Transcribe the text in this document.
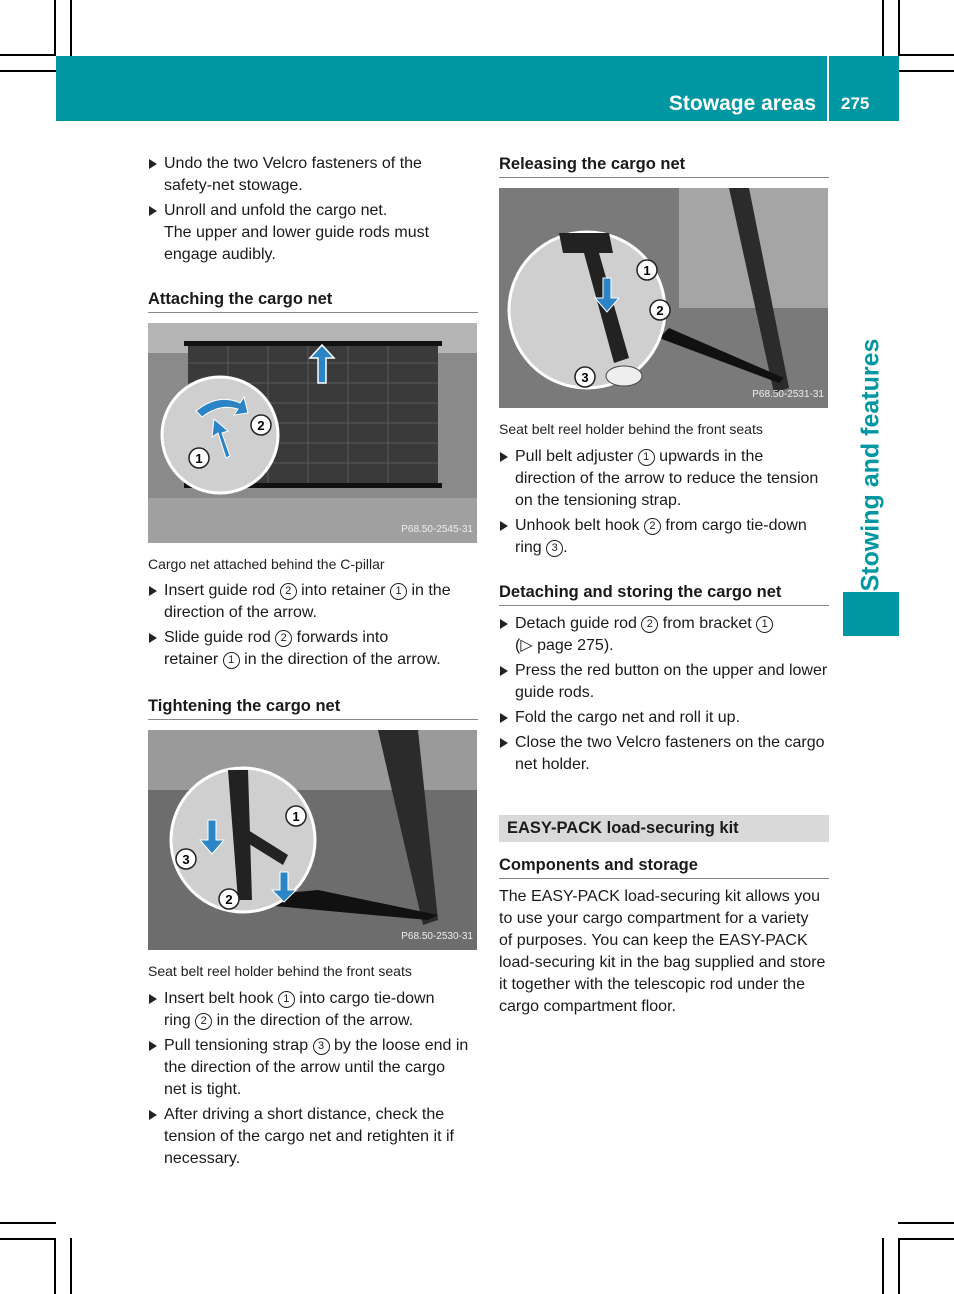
Stowage areas 275
Stowing and features
Undo the two Velcro fasteners of the
safety-net stowage.
Unroll and unfold the cargo net.
The upper and lower guide rods must
engage audibly.
Attaching the cargo net
2
1
P68.50-2545-31

Cargo net attached behind the C-pillar

Insert guide rod 2 into retainer 1 in the
direction of the arrow.
Slide guide rod 2 forwards into
retainer 1 in the direction of the arrow.
Tightening the cargo net
1
2
3
P68.50-2530-31

Seat belt reel holder behind the front seats

Insert belt hook 1 into cargo tie-down
ring 2 in the direction of the arrow.
Pull tensioning strap 3 by the loose end in
the direction of the arrow until the cargo
net is tight.
After driving a short distance, check the
tension of the cargo net and retighten it if
necessary.
Releasing the cargo net
1
2
3
P68.50-2531-31

Seat belt reel holder behind the front seats

Pull belt adjuster 1 upwards in the
direction of the arrow to reduce the tension
on the tensioning strap.
Unhook belt hook 2 from cargo tie-down
ring 3 .
Detaching and storing the cargo net
Detach guide rod 2 from bracket 1
(▷ page 275).
Press the red button on the upper and lower
guide rods.
Fold the cargo net and roll it up.
Close the two Velcro fasteners on the cargo
net holder.
EASY-PACK load-securing kit
Components and storage

The EASY-PACK load-securing kit allows you
to use your cargo compartment for a variety
of purposes. You can keep the EASY-PACK
load-securing kit in the bag supplied and store
it together with the telescopic rod under the
cargo compartment floor.
